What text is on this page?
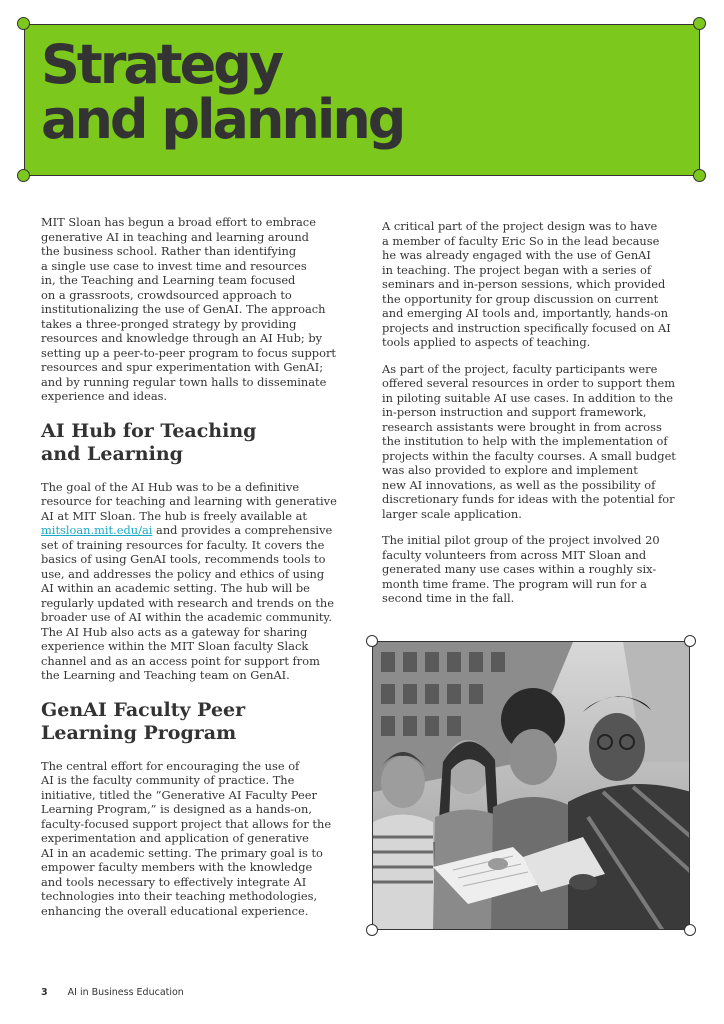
Strategy
and planning

MIT Sloan has begun a broad effort to embrace
generative AI in teaching and learning around
the business school. Rather than identifying
a single use case to invest time and resources
in, the Teaching and Learning team focused
on a grassroots, crowdsourced approach to
institutionalizing the use of GenAI. The approach
takes a three-pronged strategy by providing
resources and knowledge through an AI Hub; by
setting up a peer-to-peer program to focus support
resources and spur experimentation with GenAI;
and by running regular town halls to disseminate
experience and ideas.

AI Hub for Teaching
and Learning

The goal of the AI Hub was to be a definitive
resource for teaching and learning with generative
AI at MIT Sloan. The hub is freely available at
mitsloan.mit.edu/ai and provides a comprehensive
set of training resources for faculty. It covers the
basics of using GenAI tools, recommends tools to
use, and addresses the policy and ethics of using
AI within an academic setting. The hub will be
regularly updated with research and trends on the
broader use of AI within the academic community.
The AI Hub also acts as a gateway for sharing
experience within the MIT Sloan faculty Slack
channel and as an access point for support from
the Learning and Teaching team on GenAI.

GenAI Faculty Peer
Learning Program

The central effort for encouraging the use of
AI is the faculty community of practice. The
initiative, titled the “Generative AI Faculty Peer
Learning Program,” is designed as a hands-on,
faculty-focused support project that allows for the
experimentation and application of generative
AI in an academic setting. The primary goal is to
empower faculty members with the knowledge
and tools necessary to effectively integrate AI
technologies into their teaching methodologies,
enhancing the overall educational experience.

A critical part of the project design was to have
a member of faculty Eric So in the lead because
he was already engaged with the use of GenAI
in teaching. The project began with a series of
seminars and in-person sessions, which provided
the opportunity for group discussion on current
and emerging AI tools and, importantly, hands-on
projects and instruction specifically focused on AI
tools applied to aspects of teaching.

As part of the project, faculty participants were
offered several resources in order to support them
in piloting suitable AI use cases. In addition to the
in-person instruction and support framework,
research assistants were brought in from across
the institution to help with the implementation of
projects within the faculty courses. A small budget
was also provided to explore and implement
new AI innovations, as well as the possibility of
discretionary funds for ideas with the potential for
larger scale application.

The initial pilot group of the project involved 20
faculty volunteers from across MIT Sloan and
generated many use cases within a roughly six-
month time frame. The program will run for a
second time in the fall.

3 AI in Business Education
